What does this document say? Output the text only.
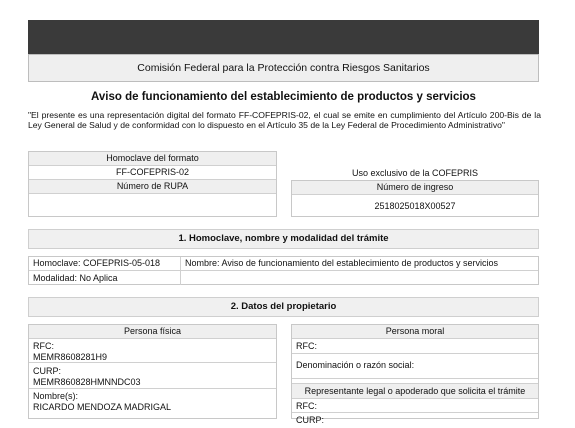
Comisión Federal para la Protección contra Riesgos Sanitarios
Aviso de funcionamiento del establecimiento de productos y servicios
"El presente es una representación digital del formato FF-COFEPRIS-02, el cual se emite en cumplimiento del Artículo 200-Bis de la Ley General de Salud y de conformidad con lo dispuesto en el Artículo 35 de la Ley Federal de Procedimiento Administrativo"
Homoclave del formato
FF-COFEPRIS-02
Número de RUPA
Uso exclusivo de la COFEPRIS
Número de ingreso
2518025018X00527
1. Homoclave, nombre y modalidad del trámite
Homoclave: COFEPRIS-05-018	Nombre: Aviso de funcionamiento del establecimiento de productos y servicios
Modalidad: No Aplica
2. Datos del propietario
Persona física
RFC:
MEMR8608281H9
CURP:
MEMR860828HMNNDC03
Nombre(s):
RICARDO MENDOZA MADRIGAL
Persona moral
RFC:
Denominación o razón social:
Representante legal o apoderado que solicita el trámite
RFC:
CURP:
